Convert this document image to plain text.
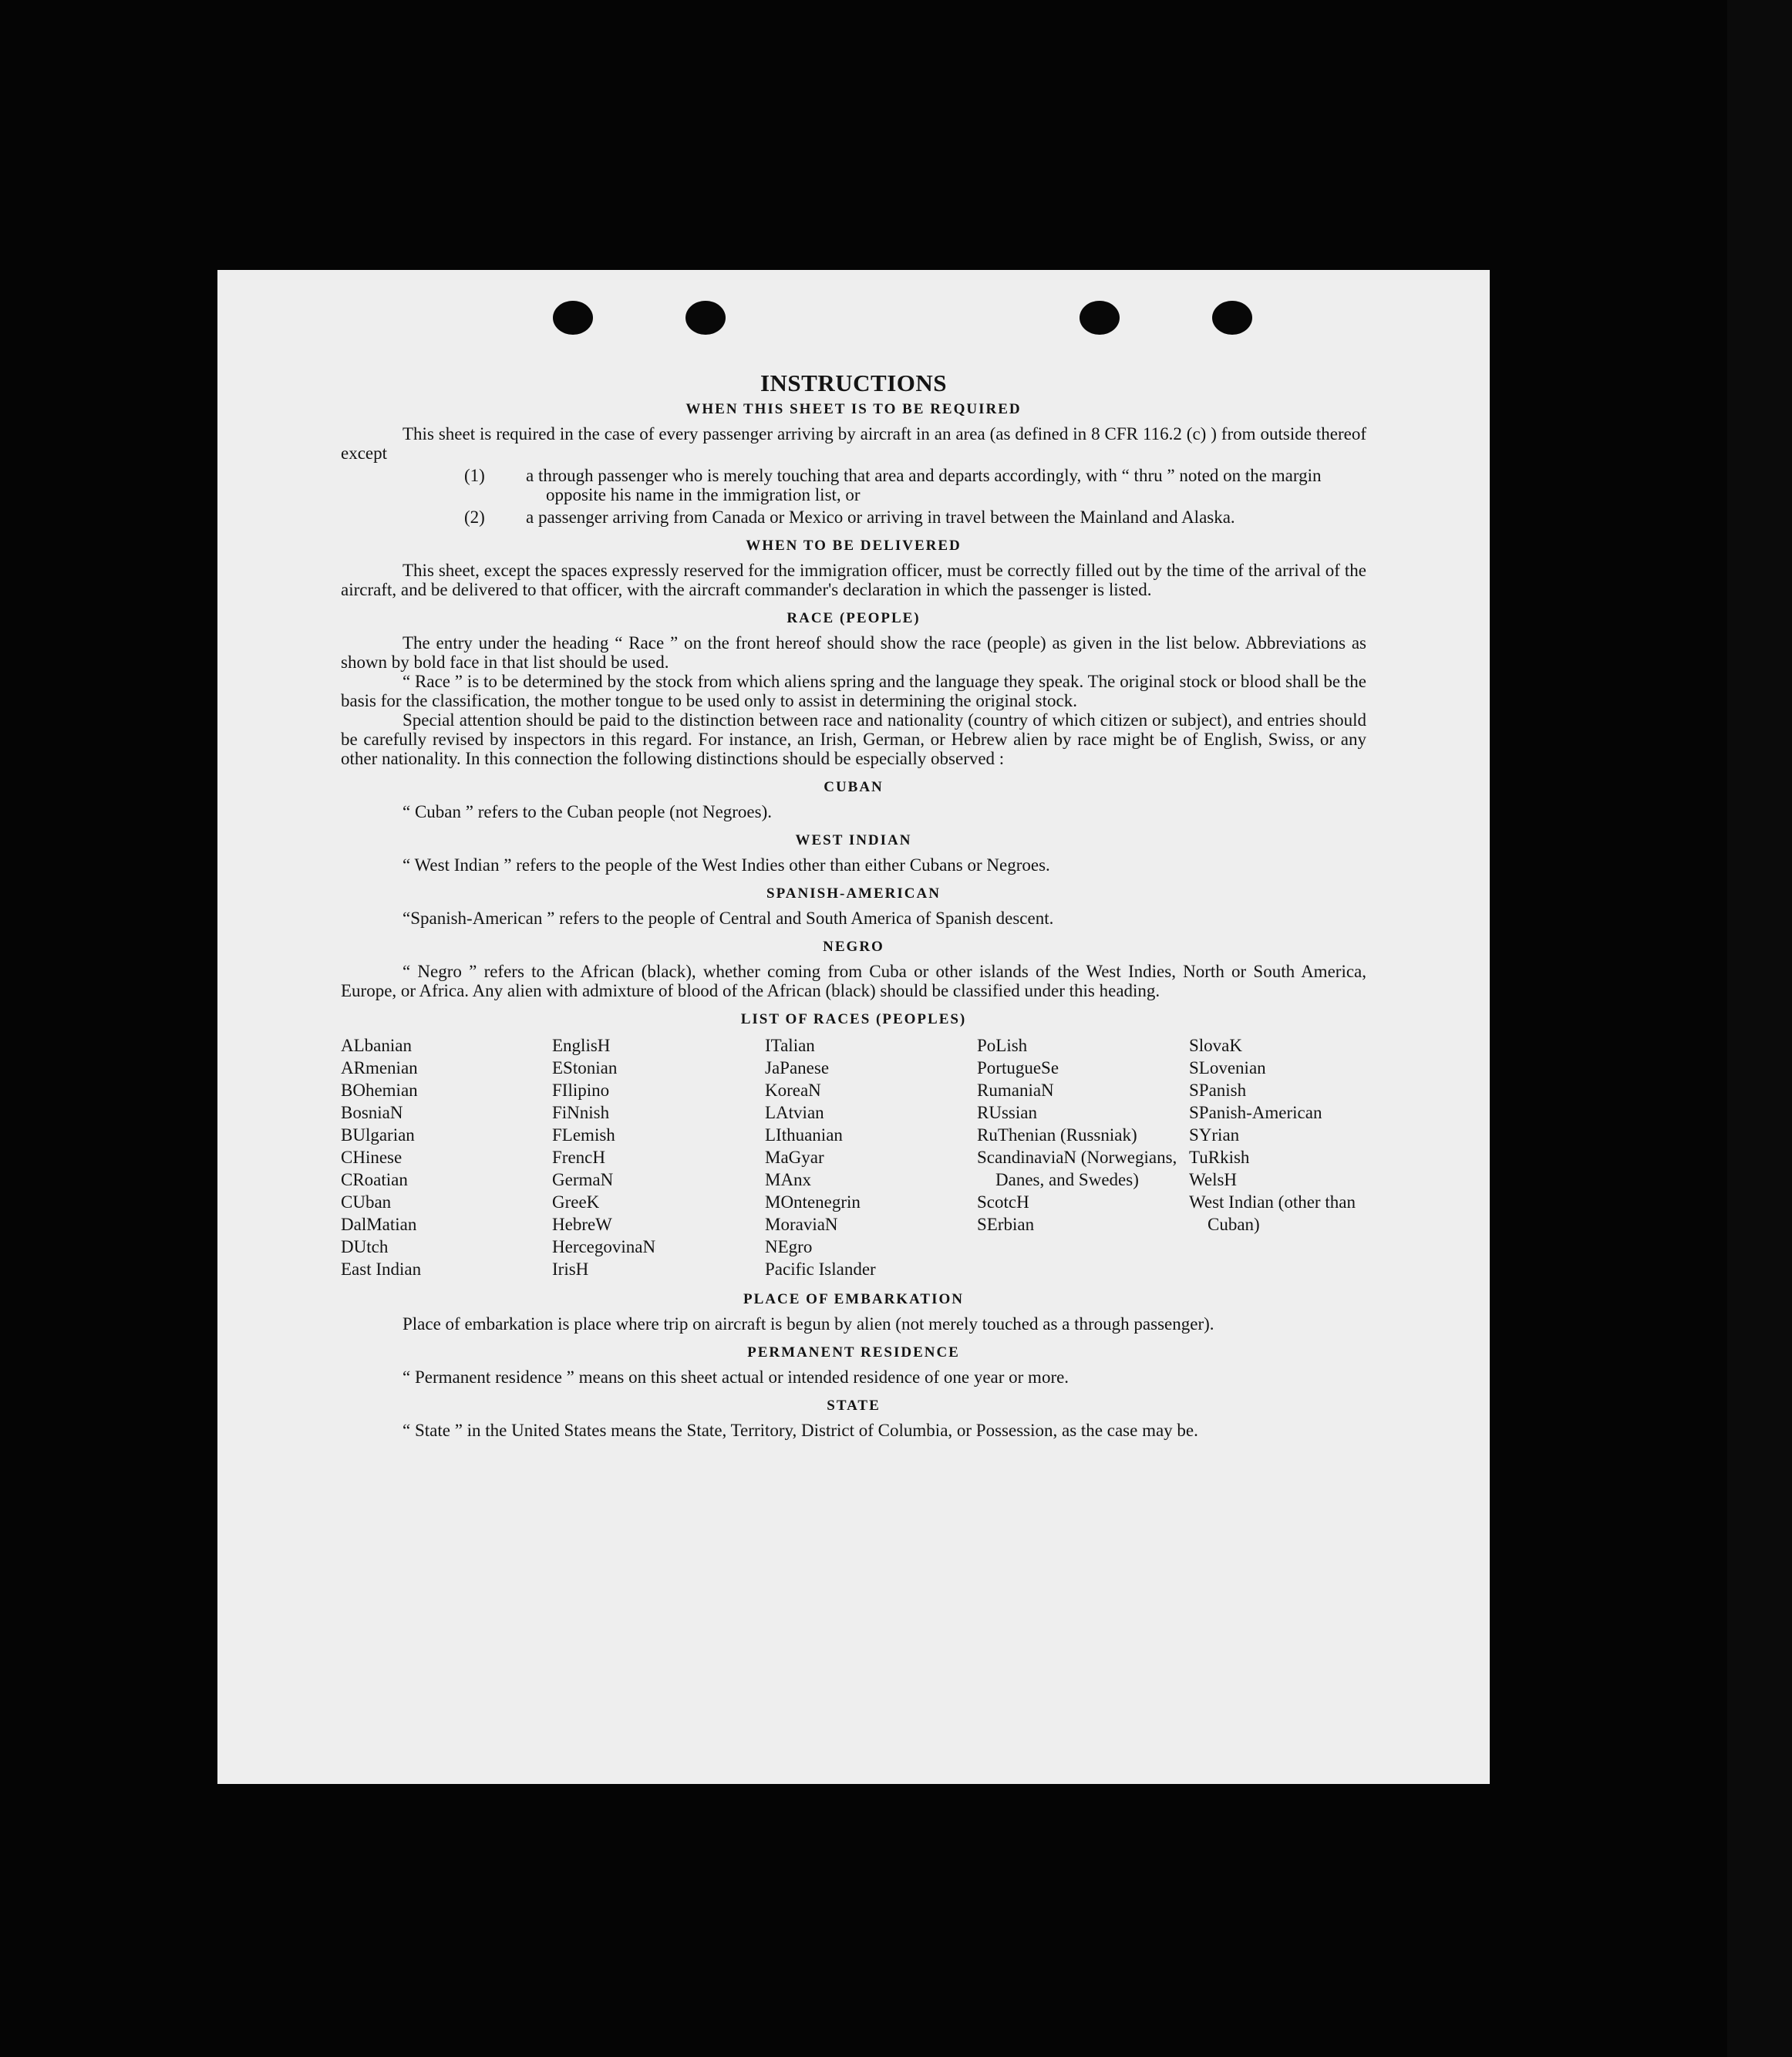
INSTRUCTIONS
WHEN THIS SHEET IS TO BE REQUIRED

This sheet is required in the case of every passenger arriving by aircraft in an area (as defined in 8 CFR 116.2 (c) ) from outside thereof except

(1) a through passenger who is merely touching that area and departs accordingly, with “ thru ” noted on the margin opposite his name in the immigration list, or
(2) a passenger arriving from Canada or Mexico or arriving in travel between the Mainland and Alaska.
WHEN TO BE DELIVERED

This sheet, except the spaces expressly reserved for the immigration officer, must be correctly filled out by the time of the arrival of the aircraft, and be delivered to that officer, with the aircraft commander's declaration in which the passenger is listed.

RACE (PEOPLE)

The entry under the heading “ Race ” on the front hereof should show the race (people) as given in the list below. Abbreviations as shown by bold face in that list should be used.

“ Race ” is to be determined by the stock from which aliens spring and the language they speak. The original stock or blood shall be the basis for the classification, the mother tongue to be used only to assist in determining the original stock.

Special attention should be paid to the distinction between race and nationality (country of which citizen or subject), and entries should be carefully revised by inspectors in this regard. For instance, an Irish, German, or Hebrew alien by race might be of English, Swiss, or any other nationality. In this connection the following distinctions should be especially observed :

CUBAN

“ Cuban ” refers to the Cuban people (not Negroes).

WEST INDIAN

“ West Indian ” refers to the people of the West Indies other than either Cubans or Negroes.

SPANISH-AMERICAN

“Spanish-American ” refers to the people of Central and South America of Spanish descent.

NEGRO

“ Negro ” refers to the African (black), whether coming from Cuba or other islands of the West Indies, North or South America, Europe, or Africa. Any alien with admixture of blood of the African (black) should be classified under this heading.

LIST OF RACES (PEOPLES)
ALbanian
ARmenian
BOhemian
BosniaN
BUlgarian
CHinese
CRoatian
CUban
DalMatian
DUtch
East Indian
EnglisH
EStonian
FIlipino
FiNnish
FLemish
FrencH
GermaN
GreeK
HebreW
HercegovinaN
IrisH
ITalian
JaPanese
KoreaN
LAtvian
LIthuanian
MaGyar
MAnx
MOntenegrin
MoraviaN
NEgro
Pacific Islander
PoLish
PortugueSe
RumaniaN
RUssian
RuThenian (Russniak)
ScandinaviaN (Norwegians, Danes, and Swedes)
ScotcH
SErbian
SlovaK
SLovenian
SPanish
SPanish-American
SYrian
TuRkish
WelsH
West Indian (other than Cuban)
PLACE OF EMBARKATION

Place of embarkation is place where trip on aircraft is begun by alien (not merely touched as a through passenger).

PERMANENT RESIDENCE

“ Permanent residence ” means on this sheet actual or intended residence of one year or more.

STATE

“ State ” in the United States means the State, Territory, District of Columbia, or Possession, as the case may be.
